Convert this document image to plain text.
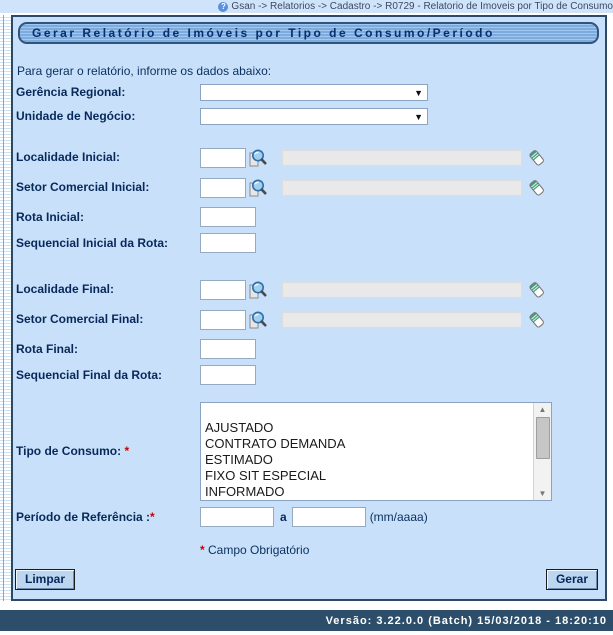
? Gsan -> Relatorios -> Cadastro -> R0729 - Relatorio de Imoveis por Tipo de Consumo
Gerar Relatório de Imóveis por Tipo de Consumo/Período
Para gerar o relatório, informe os dados abaixo:
Gerência Regional:	▼
Unidade de Negócio:	▼
Localidade Inicial:
Setor Comercial Inicial:
Rota Inicial:
Sequencial Inicial da Rota:
Localidade Final:
Setor Comercial Final:
Rota Final:
Sequencial Final da Rota:
Tipo de Consumo: *
▲
▼

AJUSTADO
CONTRATO DEMANDA
ESTIMADO
FIXO SIT ESPECIAL
INFORMADO
Período de Referência :*	a	(mm/aaaa)
* Campo Obrigatório
Limpar	Gerar
Versão: 3.22.0.0 (Batch) 15/03/2018 - 18:20:10
